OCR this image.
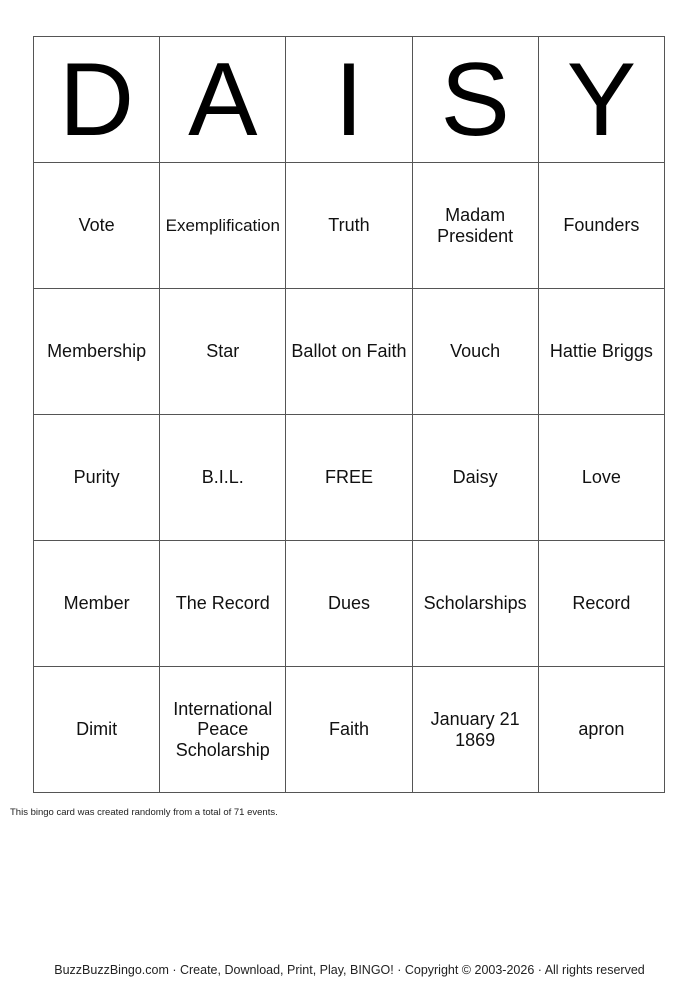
D	A	I	S	Y
Vote	Exemplification	Truth	Madam President	Founders
Membership	Star	Ballot on Faith	Vouch	Hattie Briggs
Purity	B.I.L.	FREE	Daisy	Love
Member	The Record	Dues	Scholarships	Record
Dimit	International Peace Scholarship	Faith	January 21 1869	apron
This bingo card was created randomly from a total of 71 events.
BuzzBuzzBingo.com · Create, Download, Print, Play, BINGO! · Copyright © 2003-2026 · All rights reserved
